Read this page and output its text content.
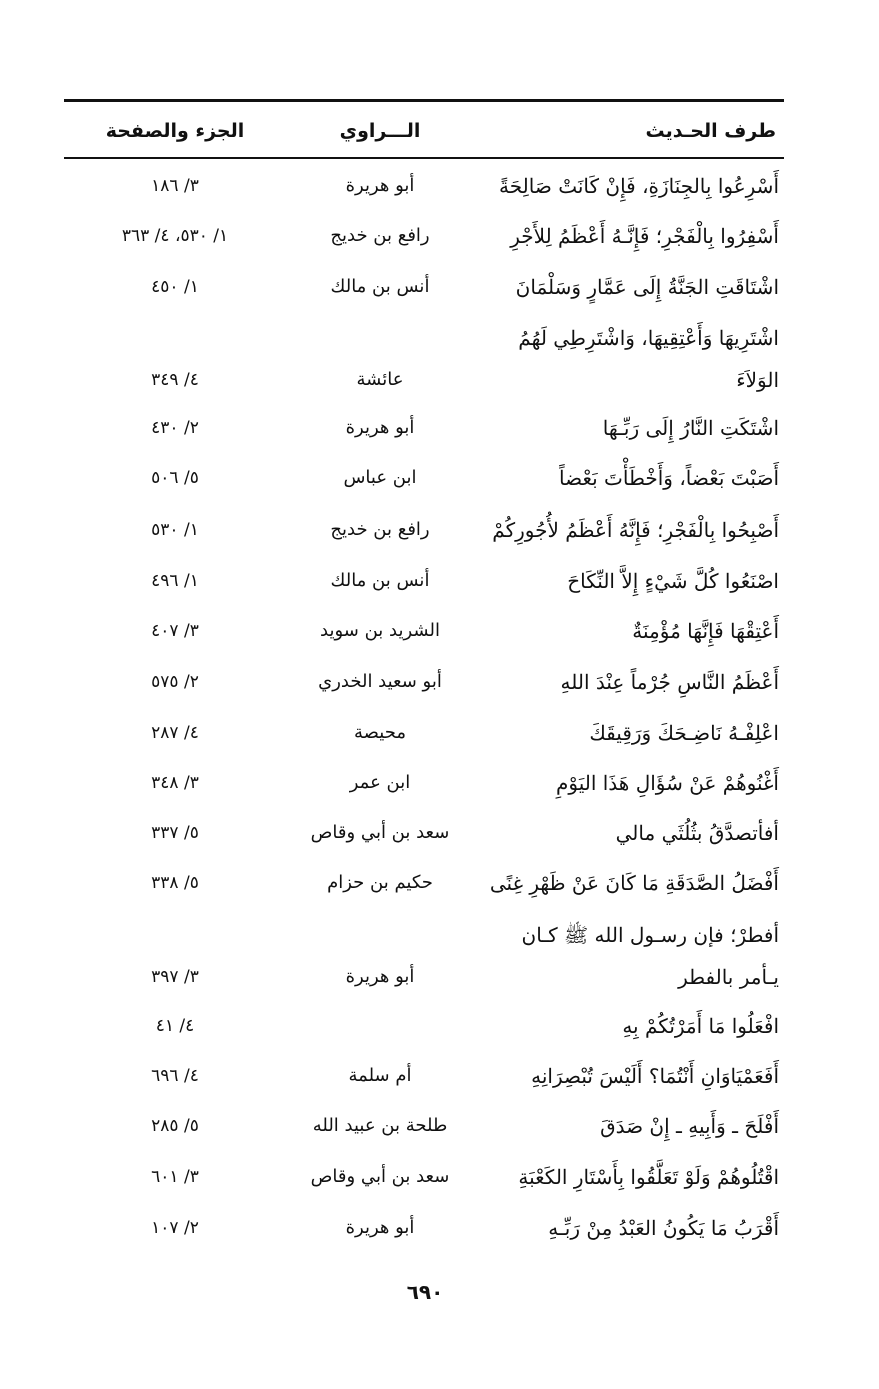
طرف الحـديث
الـــراوي
الجزء والصفحة
أَسْرِعُوا بِالجِنَازَةِ، فَإِنْ كَانَتْ صَالِحَةً
أبو هريرة
٣/ ١٨٦
أَسْفِرُوا بِالْفَجْرِ؛ فَإِنَّـهُ أَعْظَمُ لِلأَجْرِ
رافع بن خديج
١/ ٥٣٠، ٤/ ٣٦٣
اشْتَاقَتِ الجَنَّةُ إِلَى عَمَّارٍ وَسَلْمَانَ
أنس بن مالك
١/ ٤٥٠
اشْتَرِيهَا وَأَعْتِقِيهَا، وَاشْتَرِطِي لَهُمُ
الوَلاَءَ
عائشة
٤/ ٣٤٩
اشْتَكَتِ النَّارُ إِلَى رَبِّـهَا
أبو هريرة
٢/ ٤٣٠
أَصَبْتَ بَعْضاً، وَأَخْطَأْتَ بَعْضاً
ابن عباس
٥/ ٥٠٦
أَصْبِحُوا بِالْفَجْرِ؛ فَإِنَّهُ أَعْظَمُ لأُجُورِكُمْ
رافع بن خديج
١/ ٥٣٠
اصْنَعُوا كُلَّ شَيْءٍ إِلاَّ النِّكَاحَ
أنس بن مالك
١/ ٤٩٦
أَعْتِقْهَا فَإِنَّهَا مُؤْمِنَةٌ
الشريد بن سويد
٣/ ٤٠٧
أَعْظَمُ النَّاسِ جُرْماً عِنْدَ اللهِ
أبو سعيد الخدري
٢/ ٥٧٥
اعْلِفْـهُ نَاضِـحَكَ وَرَقِيقَكَ
محيصة
٤/ ٢٨٧
أَغْنُوهُمْ عَنْ سُؤَالِ هَذَا اليَوْمِ
ابن عمر
٣/ ٣٤٨
أفأتصدَّقُ بثُلُثَي مالي
سعد بن أبي وقاص
٥/ ٣٣٧
أَفْضَلُ الصَّدَقَةِ مَا كَانَ عَنْ ظَهْرِ غِنًى
حكيم بن حزام
٥/ ٣٣٨
أفطرْ؛ فإن رسـول الله ﷺ كـان
يـأمر بالفطر
أبو هريرة
٣/ ٣٩٧
افْعَلُوا مَا أَمَرْتُكُمْ بِهِ
٤/ ٤١
أَفَعَمْيَاوَانِ أَنْتُمَا؟ أَلَيْسَ تُبْصِرَانِهِ
أم سلمة
٤/ ٦٩٦
أَفْلَحَ ـ وَأَبِيهِ ـ إِنْ صَدَقَ
طلحة بن عبيد الله
٥/ ٢٨٥
اقْتُلُوهُمْ وَلَوْ تَعَلَّقُوا بِأَسْتَارِ الكَعْبَةِ
سعد بن أبي وقاص
٣/ ٦٠١
أَقْرَبُ مَا يَكُونُ العَبْدُ مِنْ رَبِّـهِ
أبو هريرة
٢/ ١٠٧
٦٩٠
